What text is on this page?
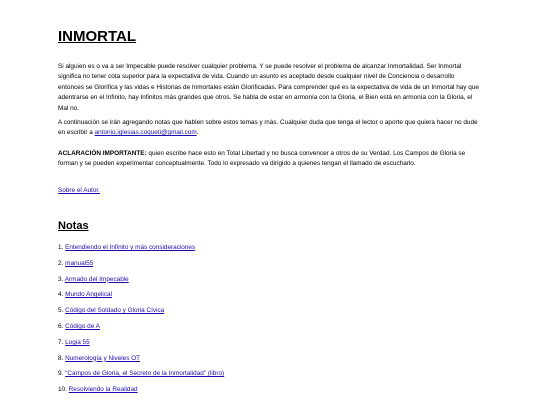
INMORTAL

Si alguien es o va a ser Impecable puede resolver cualquier problema. Y se puede resolver el problema de alcanzar Inmortalidad. Ser Inmortal significa no tener cota superior para la expectativa de vida. Cuando un asunto es aceptado desde cualquier nivel de Conciencia o desarrollo entonces se Glorifica y las vidas e Historias de Inmortales están Glorificadas. Para comprender qué es la expectativa de vida de un Inmortal hay que adentrarse en el Infinito, hay Infinitos más grandes que otros. Se habla de estar en armonía con la Gloria, el Bien está en armonía con la Gloria, el Mal no.

A continuación se irán agregando notas que hablen sobre estos temas y más. Cualquier duda que tenga el lector o aporte que quiera hacer no dude en escribir a antonio.iglesias.coqueti@gmail.com.

ACLARACIÓN IMPORTANTE: quien escribe hace esto en Total Libertad y no busca convencer a otros de su Verdad. Los Campos de Gloria se forman y se pueden experimentar conceptualmente. Todo lo expresado va dirigido a quienes tengan el llamado de escucharlo.

Sobre el Autor.

Notas
1. Entendiendo el Infinito y más consideraciones
2. manual55
3. Armado del Impecable
4. Mundo Angelical
5. Código del Soldado y Gloria Cívica
6. Código de A
7. Logia 55
8. Numerología y Niveles OT
9. "Campos de Gloria, el Secreto de la Inmortalidad" (libro)
10. Resolviendo la Realidad
